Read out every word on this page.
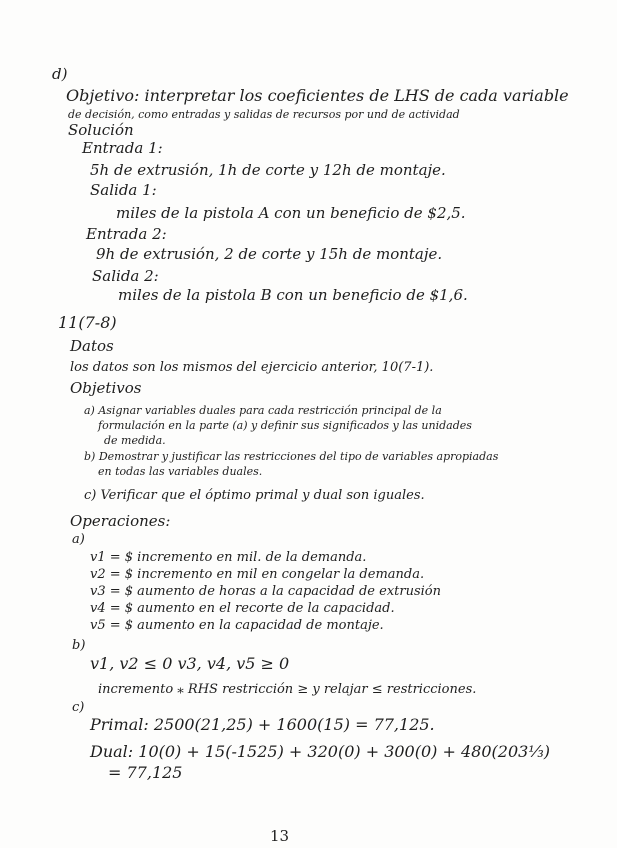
d)
Objetivo: interpretar los coeficientes de LHS de cada variable
de decisión, como entradas y salidas de recursos por und de actividad
Solución
Entrada 1:
5h de extrusión, 1h de corte y 12h de montaje.
Salida 1:
miles de la pistola A con un beneficio de $2,5.
Entrada 2:
9h de extrusión, 2 de corte y 15h de montaje.
Salida 2:
miles de la pistola B con un beneficio de $1,6.
11(7-8)
Datos
los datos son los mismos del ejercicio anterior, 10(7-1).
Objetivos
a) Asignar variables duales para cada restricción principal de la
formulación en la parte (a) y definir sus significados y las unidades
de medida.
b) Demostrar y justificar las restricciones del tipo de variables apropiadas
en todas las variables duales.
c) Verificar que el óptimo primal y dual son iguales.
Operaciones:
a)
v1 = $ incremento en mil. de la demanda.
v2 = $ incremento en mil en congelar la demanda.
v3 = $ aumento de horas a la capacidad de extrusión
v4 = $ aumento en el recorte de la capacidad.
v5 = $ aumento en la capacidad de montaje.
b)
v1, v2 ≤ 0 v3, v4, v5 ≥ 0
incremento ⁎ RHS restricción ≥ y relajar ≤ restricciones.
c)
Primal: 2500(21,25) + 1600(15) = 77,125.
Dual: 10(0) + 15(-1525) + 320(0) + 300(0) + 480(203⅓)
= 77,125
13
